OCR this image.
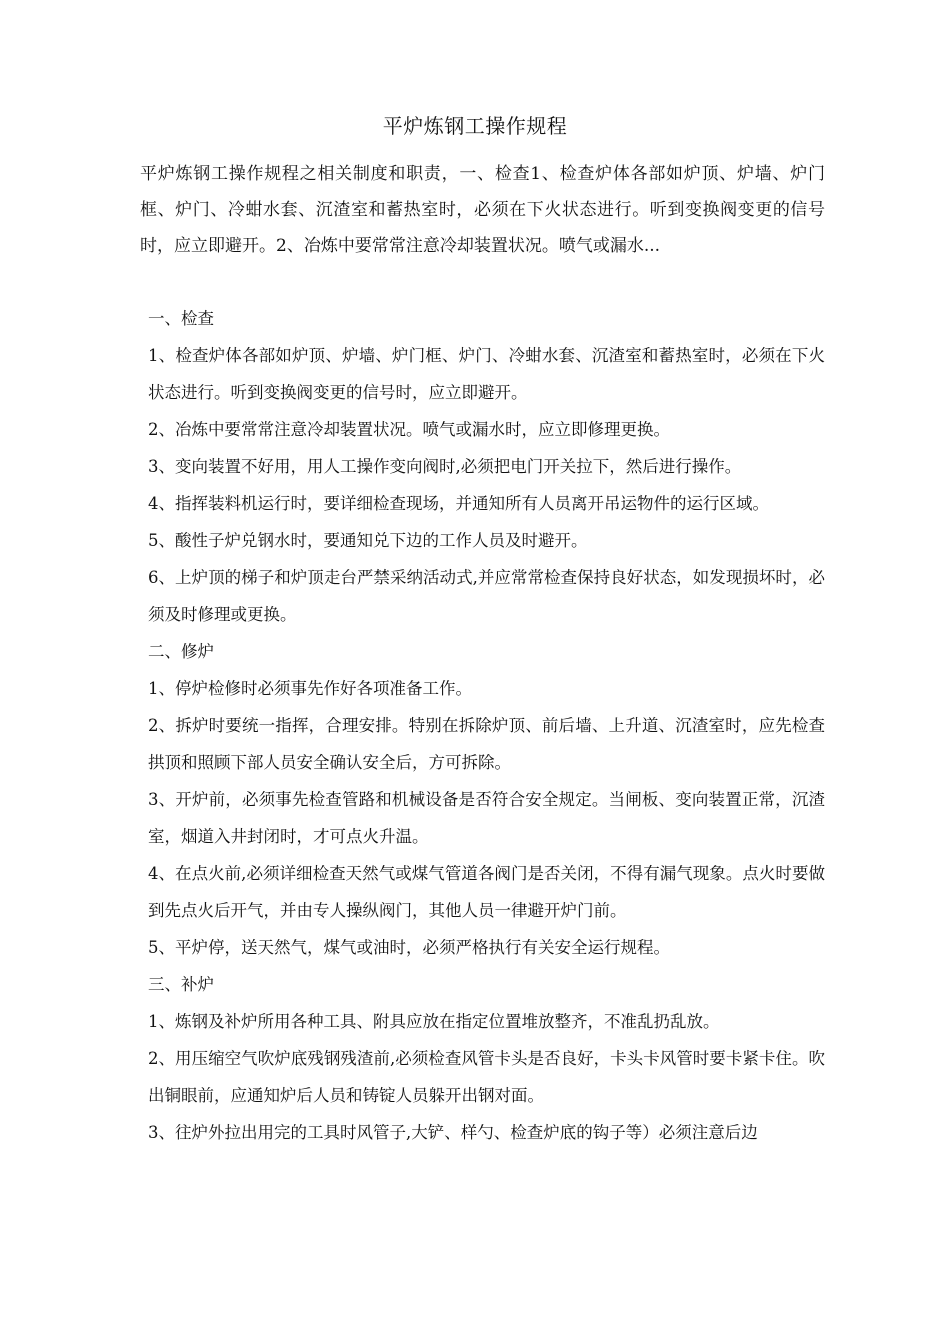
平炉炼钢工操作规程
平炉炼钢工操作规程之相关制度和职责，一、检查1、检查炉体各部如炉顶、炉墙、炉门框、炉门、冷蚶水套、沉渣室和蓄热室时，必须在下火状态进行。听到变换阀变更的信号时，应立即避开。2、冶炼中要常常注意冷却装置状况。喷气或漏水...

一、检查

1、检查炉体各部如炉顶、炉墙、炉门框、炉门、冷蚶水套、沉渣室和蓄热室时，必须在下火状态进行。听到变换阀变更的信号时，应立即避开。

2、冶炼中要常常注意冷却装置状况。喷气或漏水时，应立即修理更换。

3、变向装置不好用，用人工操作变向阀时,必须把电门开关拉下，然后进行操作。

4、指挥装料机运行时，要详细检查现场，并通知所有人员离开吊运物件的运行区域。

5、酸性子炉兑钢水时，要通知兑下边的工作人员及时避开。

6、上炉顶的梯子和炉顶走台严禁采纳活动式,并应常常检查保持良好状态，如发现损坏时，必须及时修理或更换。

二、修炉

1、停炉检修时必须事先作好各项准备工作。

2、拆炉时要统一指挥，合理安排。特别在拆除炉顶、前后墙、上升道、沉渣室时，应先检查拱顶和照顾下部人员安全确认安全后，方可拆除。

3、开炉前，必须事先检查管路和机械设备是否符合安全规定。当闸板、变向装置正常，沉渣室，烟道入井封闭时，才可点火升温。

4、在点火前,必须详细检查天然气或煤气管道各阀门是否关闭，不得有漏气现象。点火时要做到先点火后开气，并由专人操纵阀门，其他人员一律避开炉门前。

5、平炉停，送天然气，煤气或油时，必须严格执行有关安全运行规程。

三、补炉

1、炼钢及补炉所用各种工具、附具应放在指定位置堆放整齐，不准乱扔乱放。

2、用压缩空气吹炉底残钢残渣前,必须检查风管卡头是否良好，卡头卡风管时要卡紧卡住。吹出铜眼前，应通知炉后人员和铸锭人员躲开出钢对面。

3、往炉外拉出用完的工具时风管子,大铲、样勺、检查炉底的钩子等）必须注意后边
